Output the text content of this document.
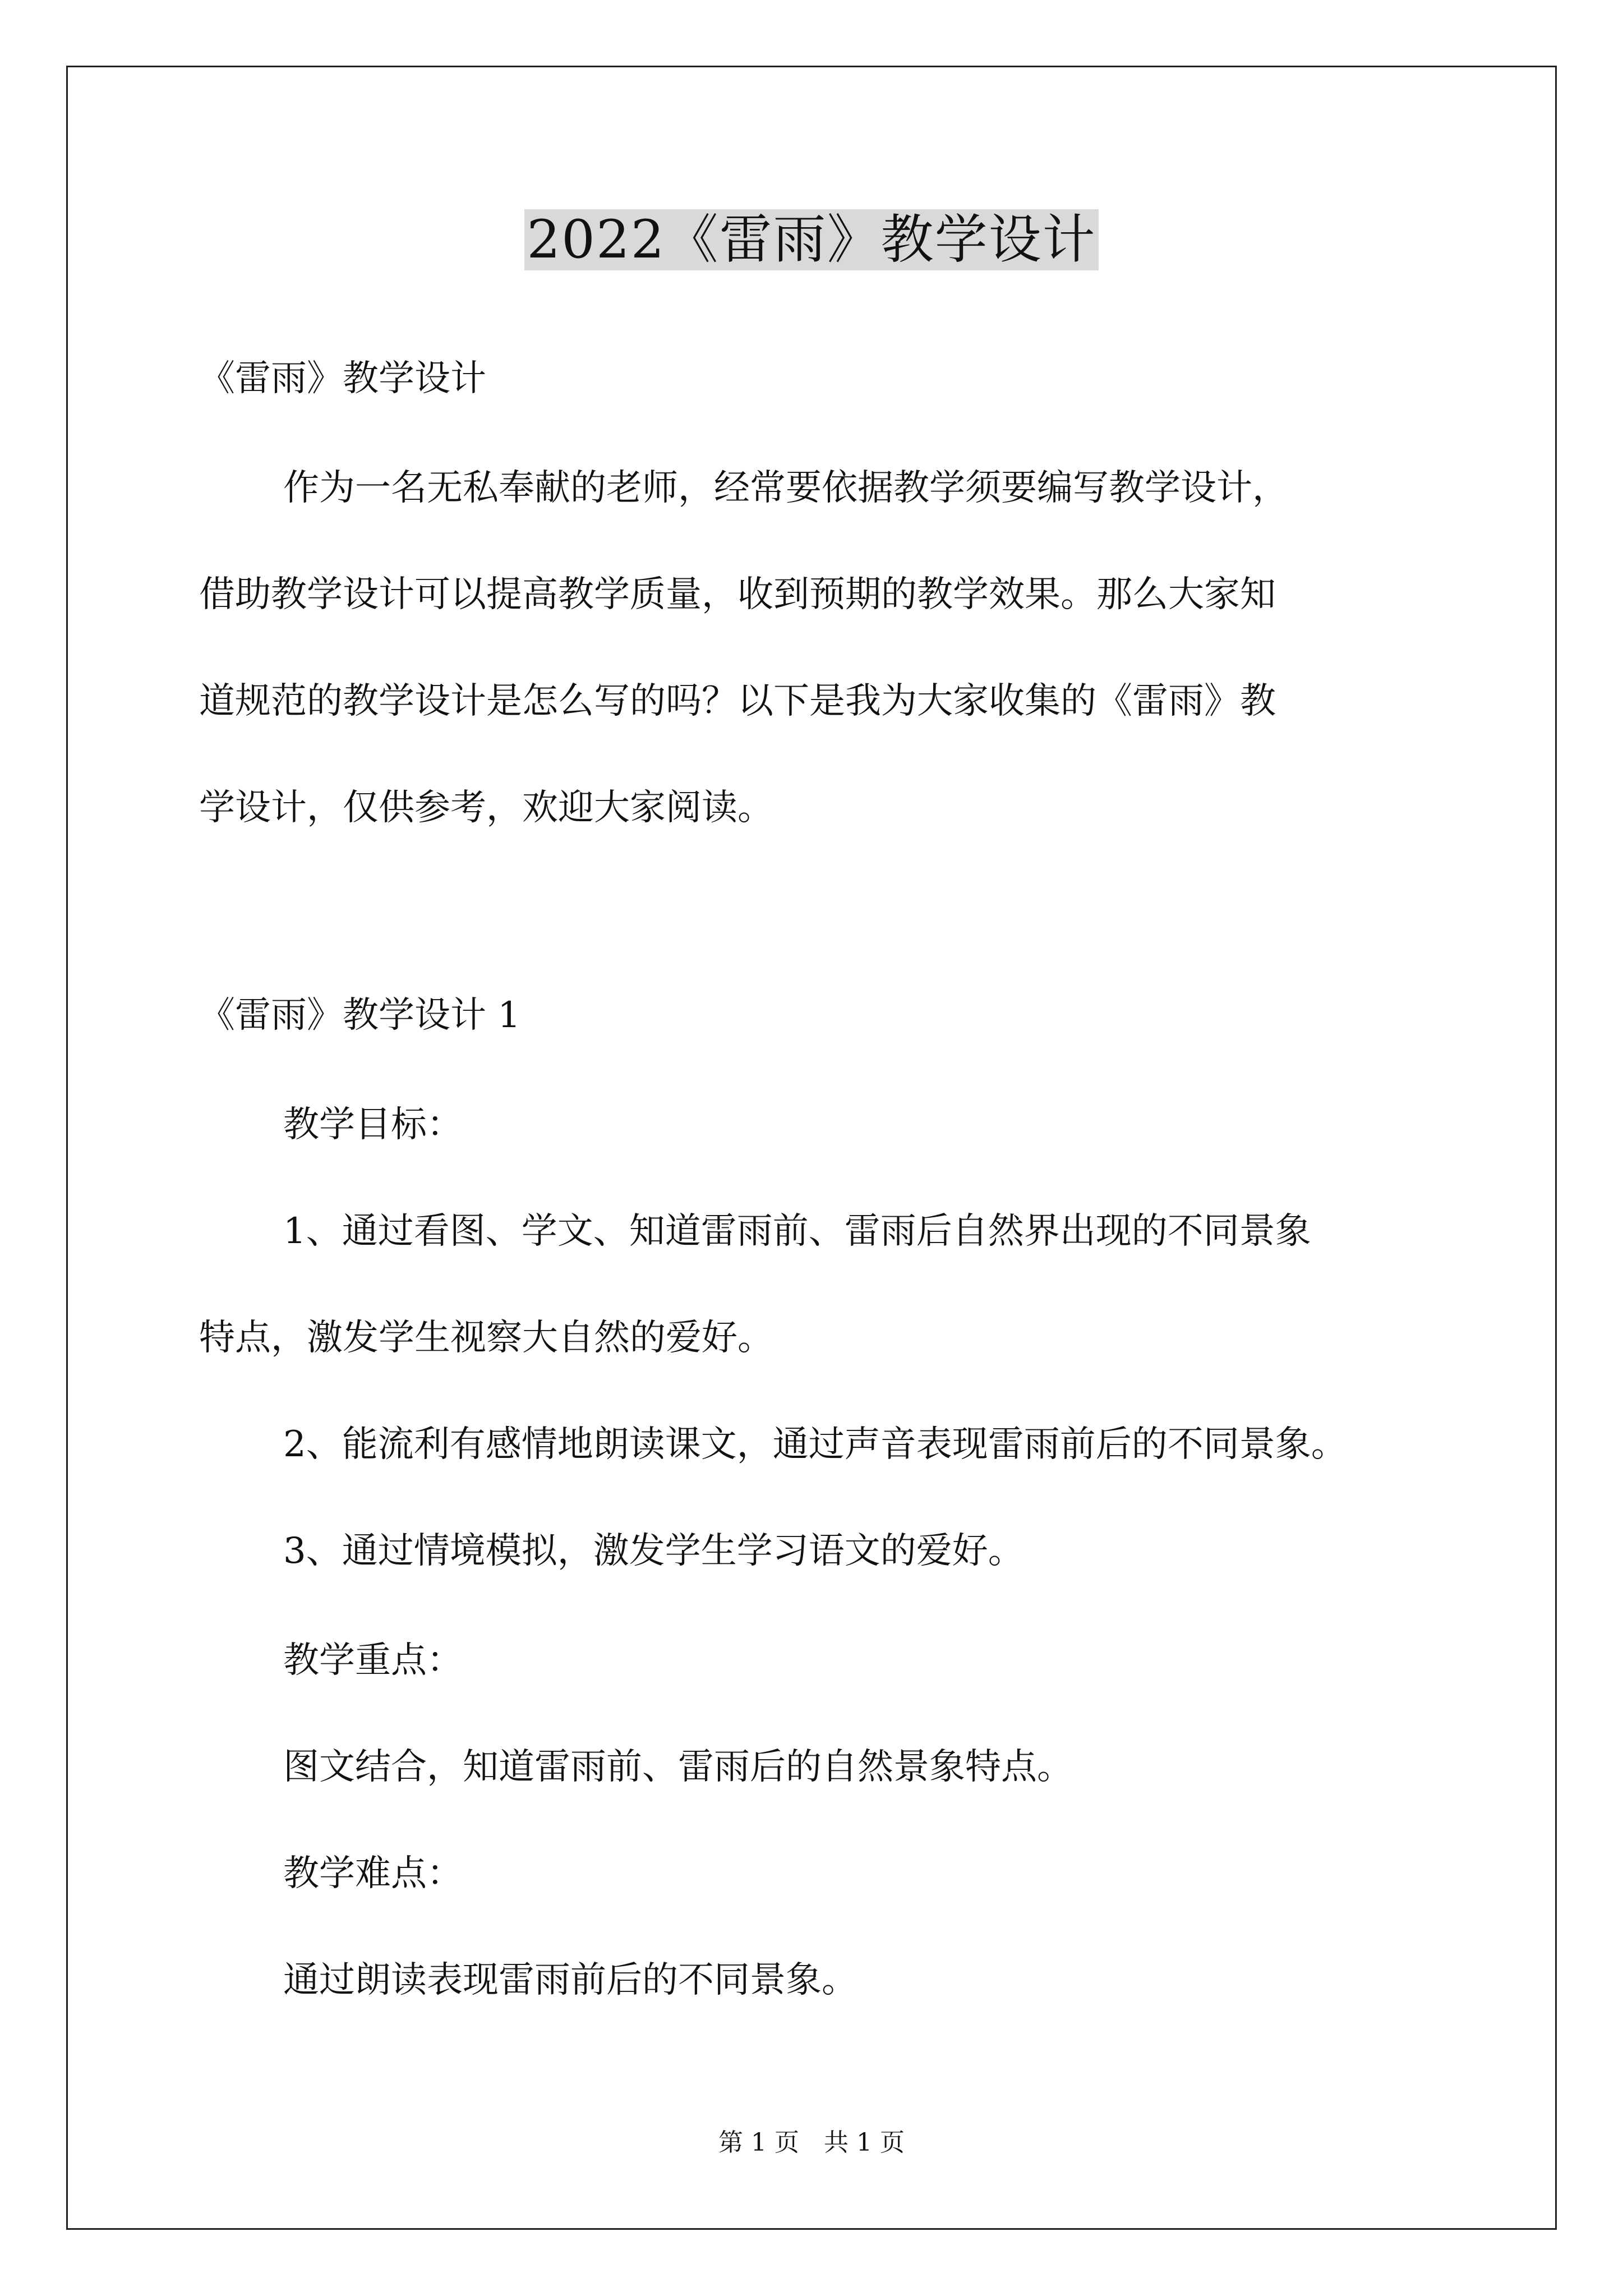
2022《雷雨》教学设计
《雷雨》教学设计
作为一名无私奉献的老师，经常要依据教学须要编写教学设计，
借助教学设计可以提高教学质量，收到预期的教学效果。那么大家知
道规范的教学设计是怎么写的吗？以下是我为大家收集的《雷雨》教
学设计，仅供参考，欢迎大家阅读。
《雷雨》教学设计 1
教学目标：
1、通过看图、学文、知道雷雨前、雷雨后自然界出现的不同景象
特点，激发学生视察大自然的爱好。
2、能流利有感情地朗读课文，通过声音表现雷雨前后的不同景象。
3、通过情境模拟，激发学生学习语文的爱好。
教学重点：
图文结合，知道雷雨前、雷雨后的自然景象特点。
教学难点：
通过朗读表现雷雨前后的不同景象。
第 1 页　共 1 页
